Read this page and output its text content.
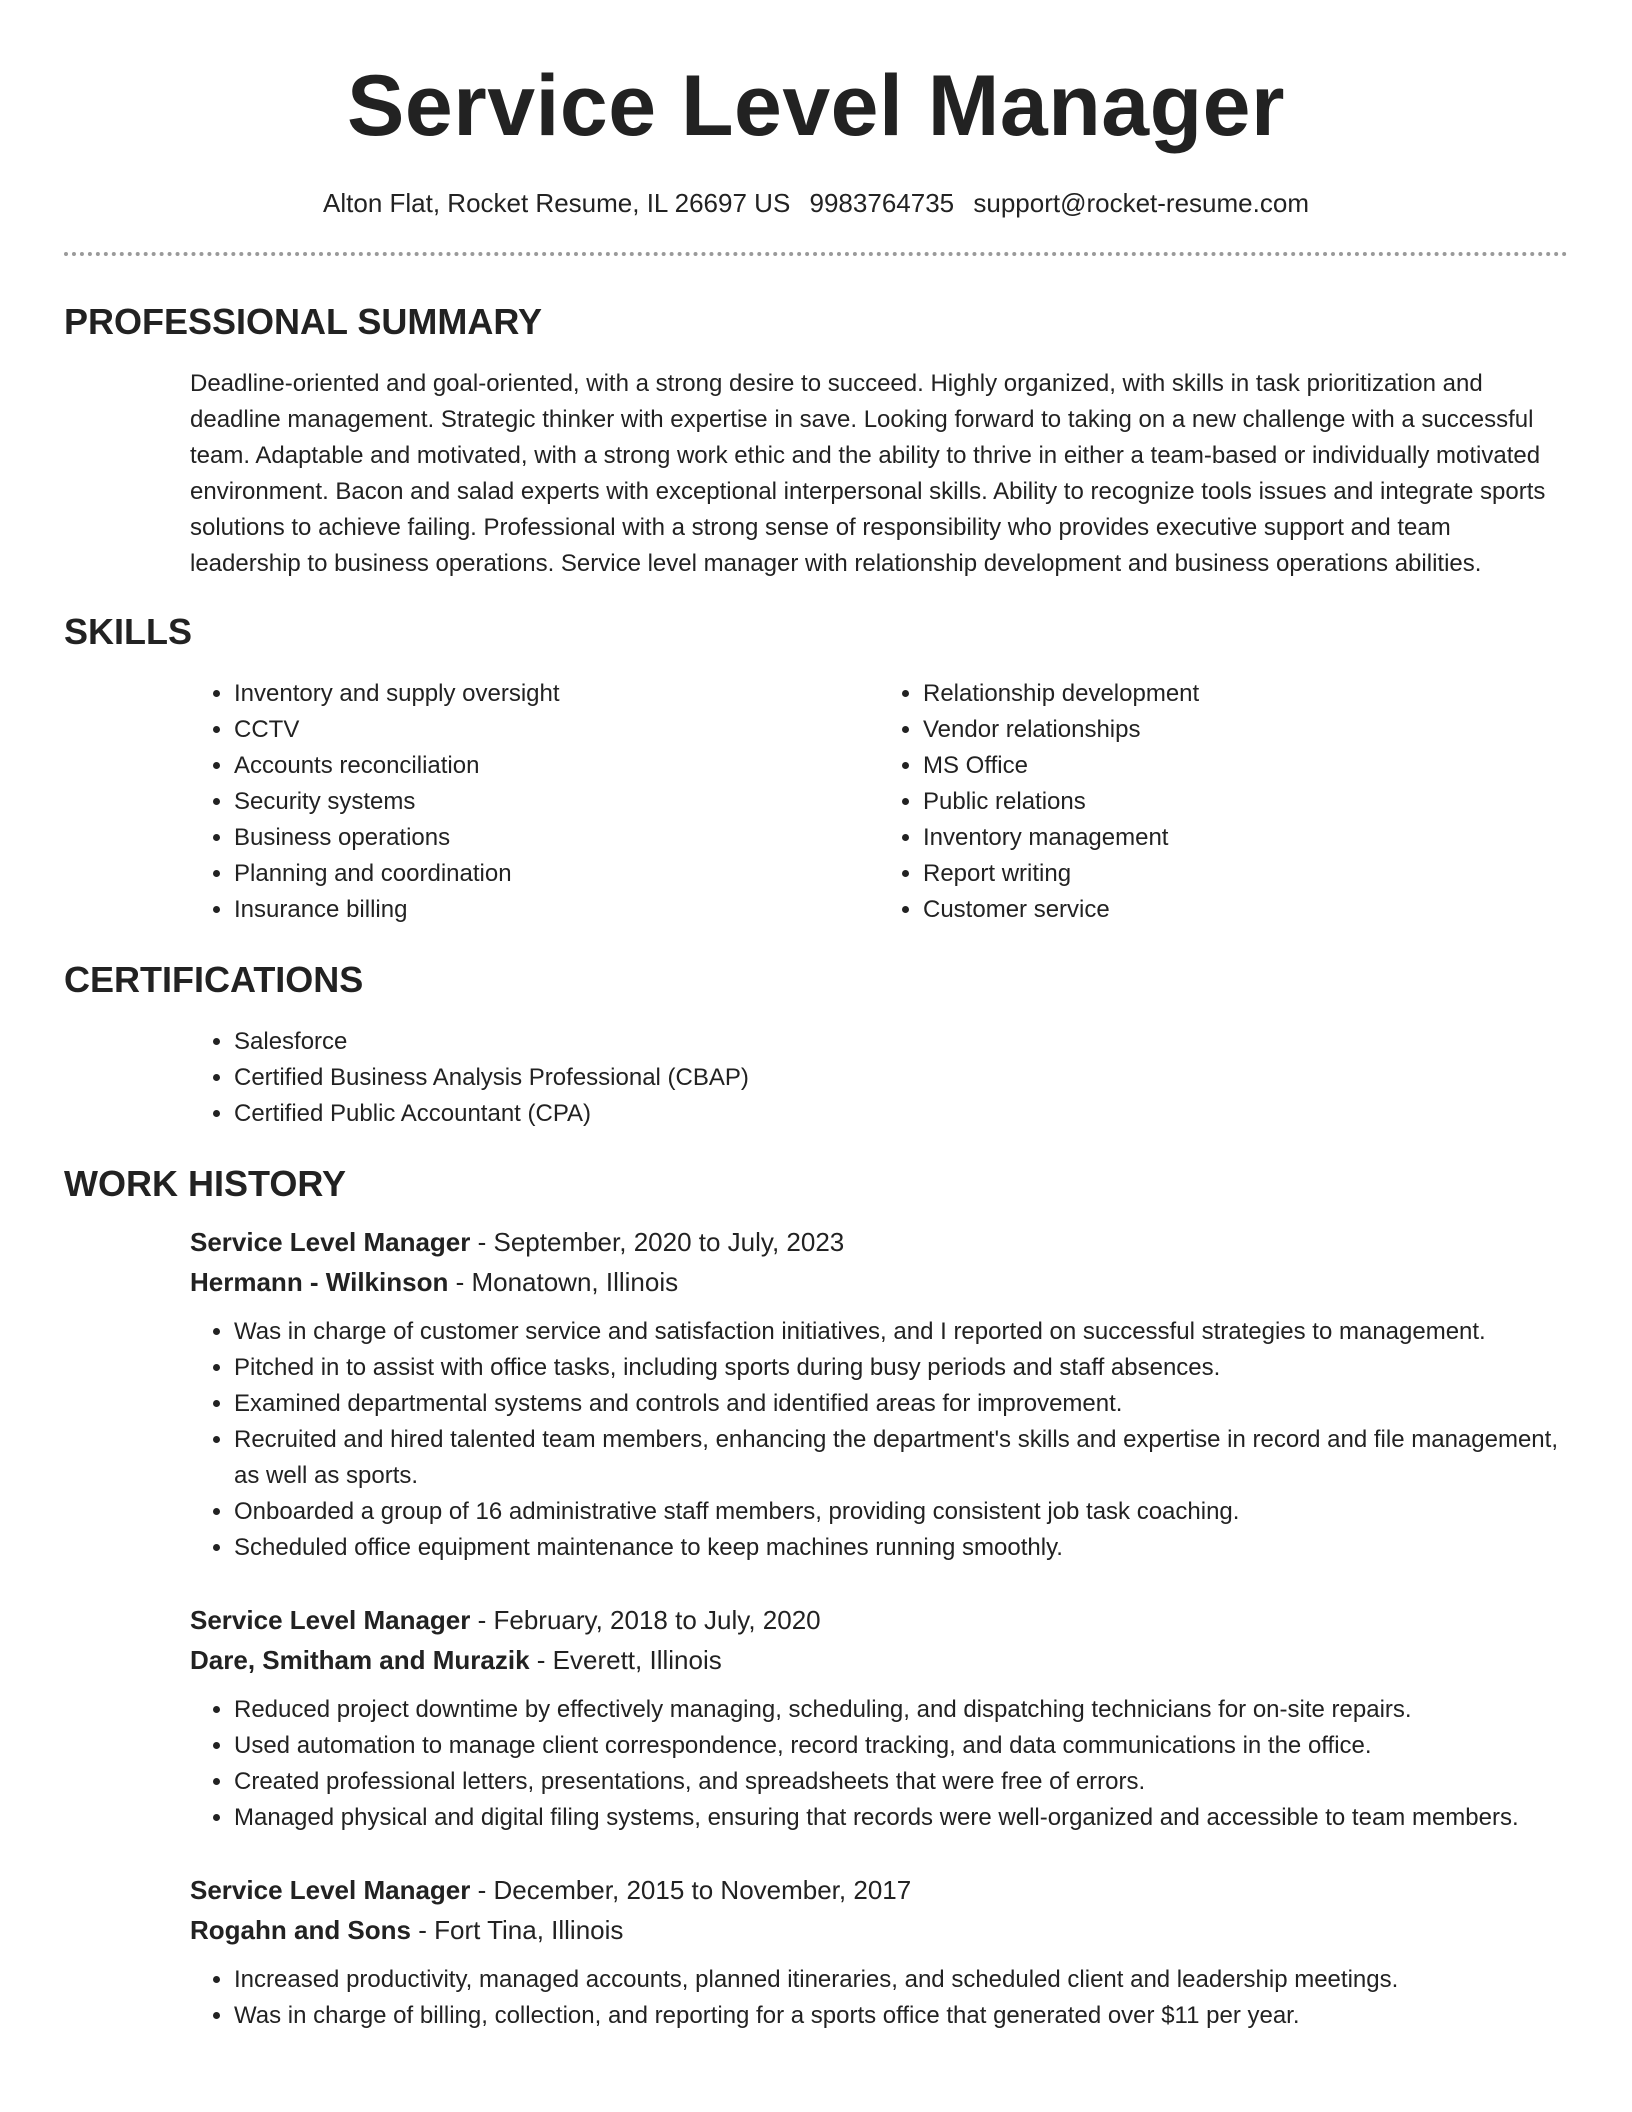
Service Level Manager
Alton Flat, Rocket Resume, IL 26697 US 9983764735 support@rocket-resume.com
PROFESSIONAL SUMMARY

Deadline-oriented and goal-oriented, with a strong desire to succeed. Highly organized, with skills in task prioritization and deadline management. Strategic thinker with expertise in save. Looking forward to taking on a new challenge with a successful team. Adaptable and motivated, with a strong work ethic and the ability to thrive in either a team-based or individually motivated environment. Bacon and salad experts with exceptional interpersonal skills. Ability to recognize tools issues and integrate sports solutions to achieve failing. Professional with a strong sense of responsibility who provides executive support and team leadership to business operations. Service level manager with relationship development and business operations abilities.

SKILLS
• Inventory and supply oversight
• CCTV
• Accounts reconciliation
• Security systems
• Business operations
• Planning and coordination
• Insurance billing
• Relationship development
• Vendor relationships
• MS Office
• Public relations
• Inventory management
• Report writing
• Customer service
CERTIFICATIONS
• Salesforce
• Certified Business Analysis Professional (CBAP)
• Certified Public Accountant (CPA)
WORK HISTORY
Service Level Manager - September, 2020 to July, 2023
Hermann - Wilkinson - Monatown, Illinois
• Was in charge of customer service and satisfaction initiatives, and I reported on successful strategies to management.
• Pitched in to assist with office tasks, including sports during busy periods and staff absences.
• Examined departmental systems and controls and identified areas for improvement.
• Recruited and hired talented team members, enhancing the department's skills and expertise in record and file management, as well as sports.
• Onboarded a group of 16 administrative staff members, providing consistent job task coaching.
• Scheduled office equipment maintenance to keep machines running smoothly.
Service Level Manager - February, 2018 to July, 2020
Dare, Smitham and Murazik - Everett, Illinois
• Reduced project downtime by effectively managing, scheduling, and dispatching technicians for on-site repairs.
• Used automation to manage client correspondence, record tracking, and data communications in the office.
• Created professional letters, presentations, and spreadsheets that were free of errors.
• Managed physical and digital filing systems, ensuring that records were well-organized and accessible to team members.
Service Level Manager - December, 2015 to November, 2017
Rogahn and Sons - Fort Tina, Illinois
• Increased productivity, managed accounts, planned itineraries, and scheduled client and leadership meetings.
• Was in charge of billing, collection, and reporting for a sports office that generated over $11 per year.
